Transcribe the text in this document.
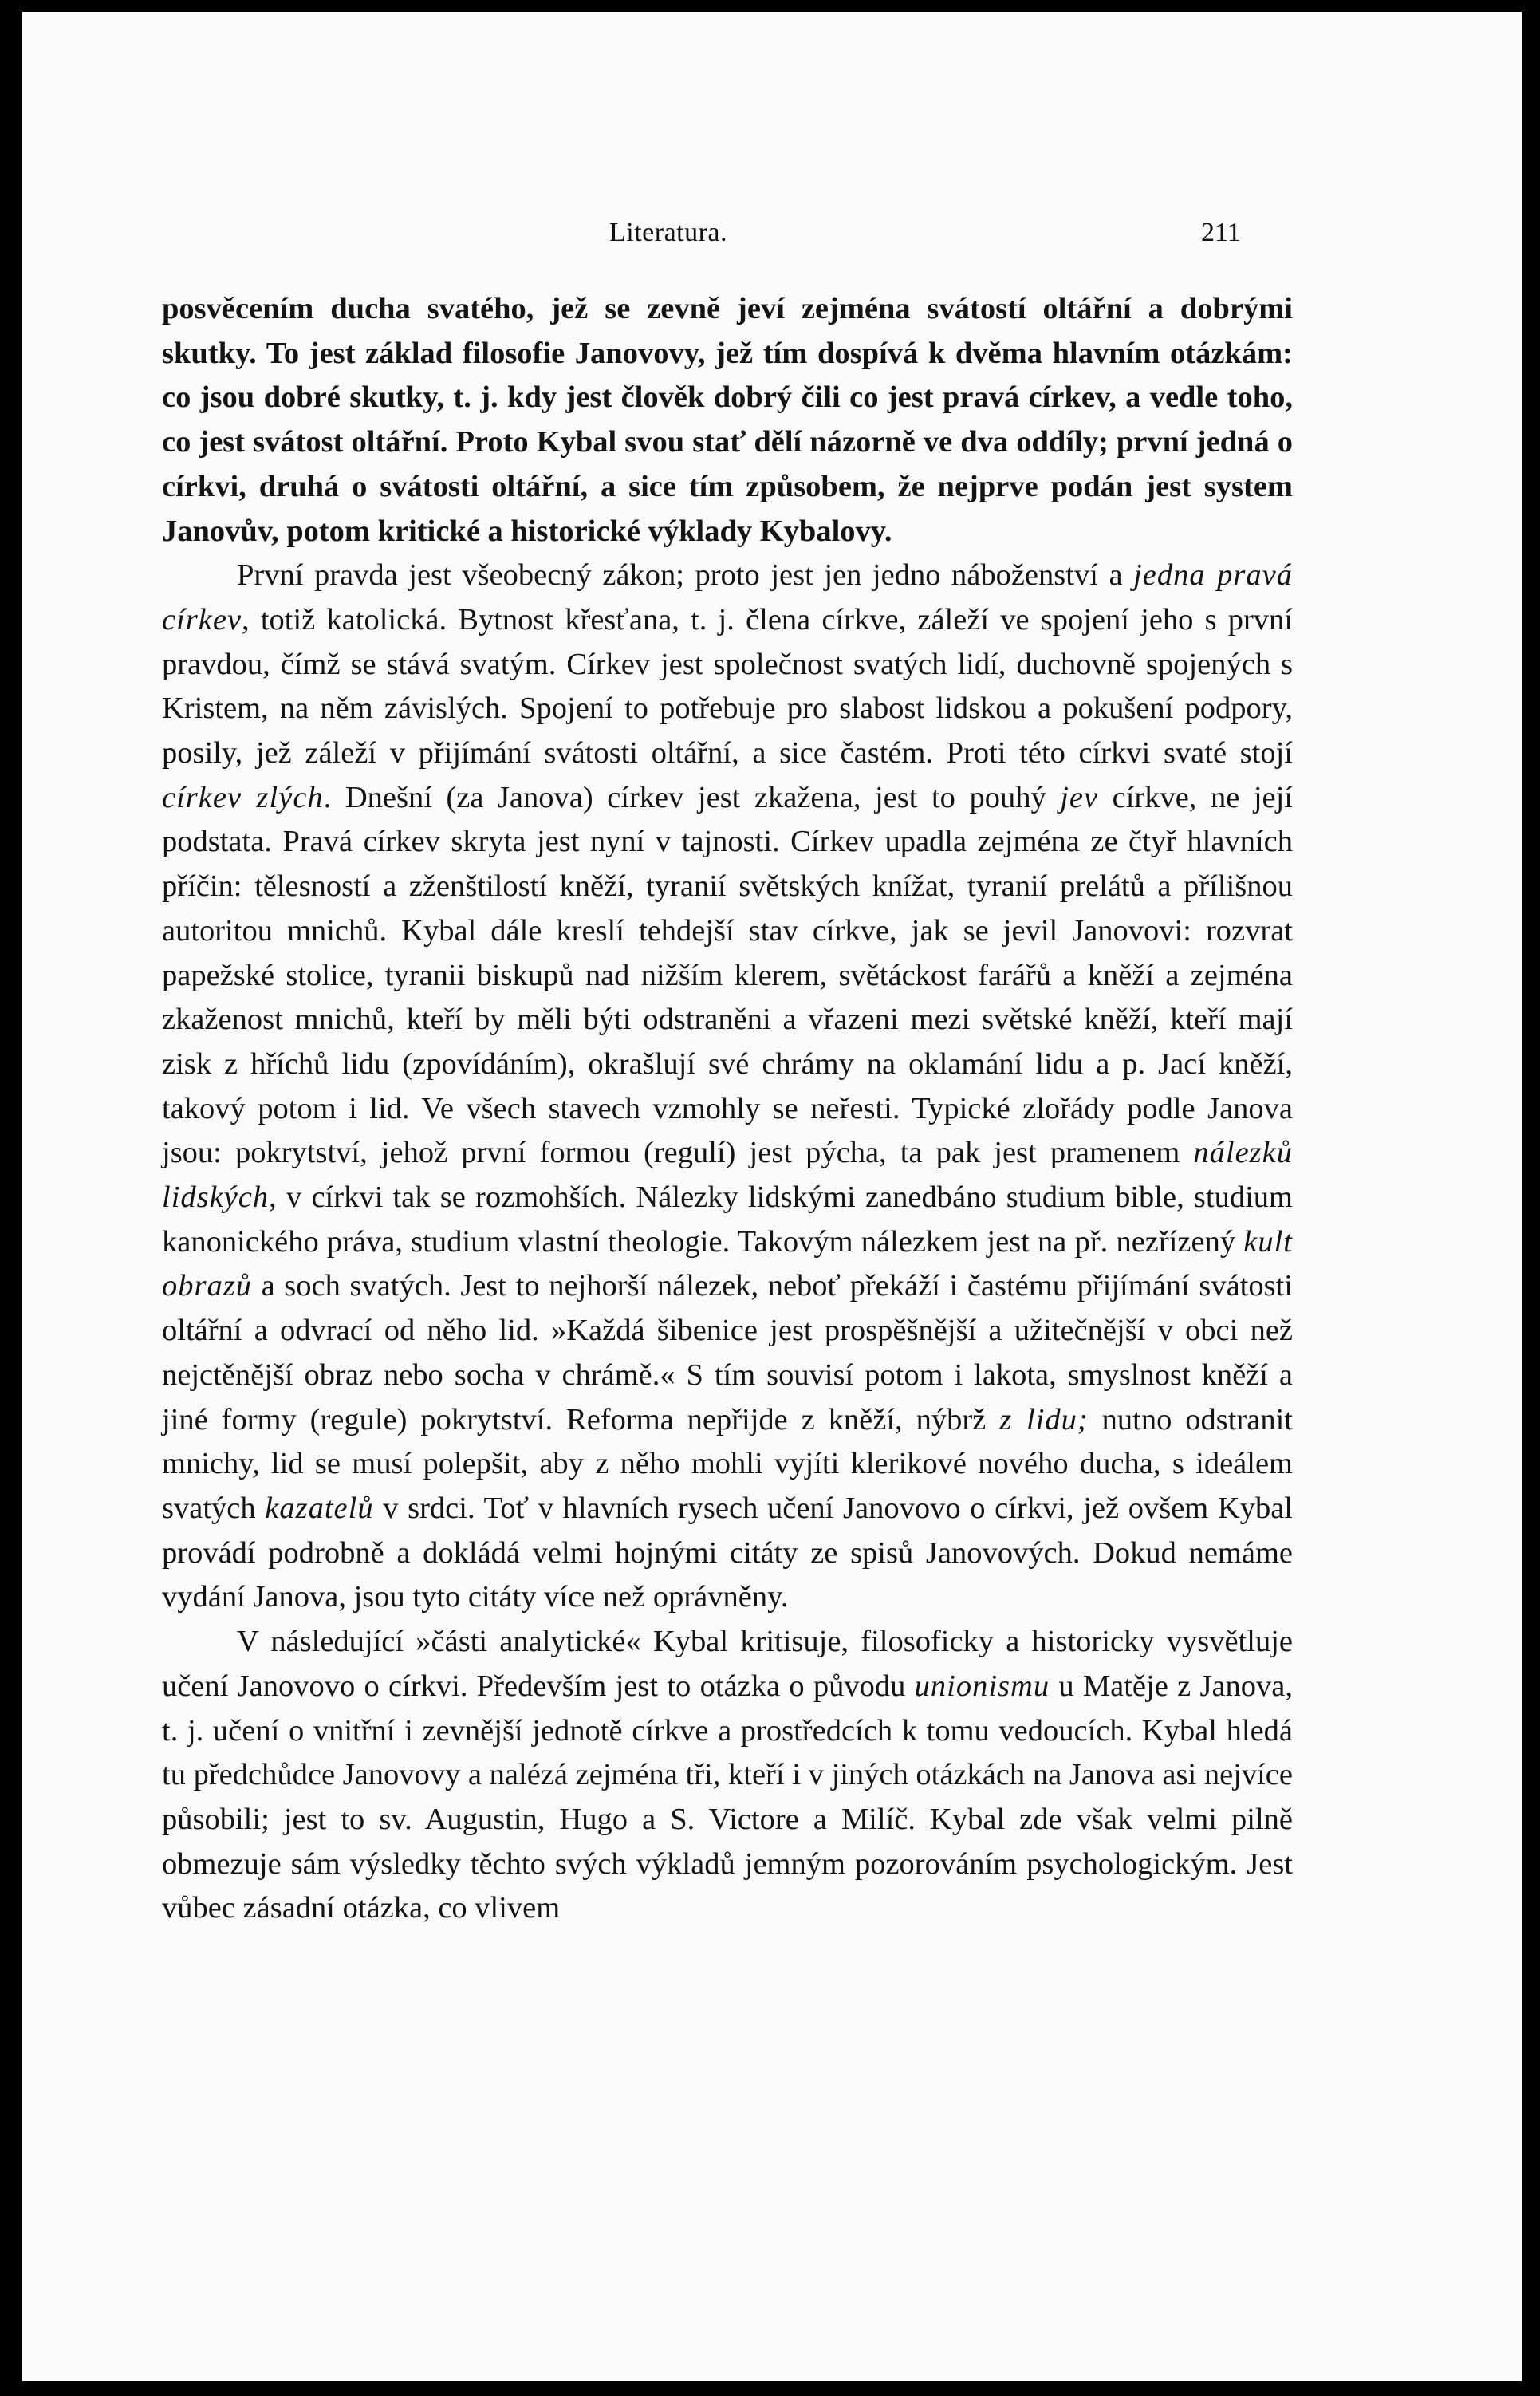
Literatura.	211

posvěcením ducha svatého, jež se zevně jeví zejména svátostí oltářní a dobrými skutky. To jest základ filosofie Janovovy, jež tím dospívá k dvěma hlavním otázkám: co jsou dobré skutky, t. j. kdy jest člověk dobrý čili co jest pravá církev, a vedle toho, co jest svátost oltářní. Proto Kybal svou stať dělí názorně ve dva oddíly; první jedná o církvi, druhá o svátosti oltářní, a sice tím způsobem, že nejprve podán jest system Janovův, potom kritické a historické výklady Kybalovy.

První pravda jest všeobecný zákon; proto jest jen jedno náboženství a jedna pravá církev, totiž katolická. Bytnost křesťana, t. j. člena církve, záleží ve spojení jeho s první pravdou, čímž se stává svatým. Církev jest společnost svatých lidí, duchovně spojených s Kristem, na něm závislých. Spojení to potřebuje pro slabost lidskou a pokušení podpory, posily, jež záleží v přijímání svátosti oltářní, a sice častém. Proti této církvi svaté stojí církev zlých. Dnešní (za Janova) církev jest zkažena, jest to pouhý jev církve, ne její podstata. Pravá církev skryta jest nyní v tajnosti. Církev upadla zejména ze čtyř hlavních příčin: tělesností a zženštilostí kněží, tyranií světských knížat, tyranií prelátů a přílišnou autoritou mnichů. Kybal dále kreslí tehdejší stav církve, jak se jevil Janovovi: rozvrat papežské stolice, tyranii biskupů nad nižším klerem, světáckost farářů a kněží a zejména zkaženost mnichů, kteří by měli býti odstraněni a vřazeni mezi světské kněží, kteří mají zisk z hříchů lidu (zpovídáním), okrašlují své chrámy na oklamání lidu a p. Jací kněží, takový potom i lid. Ve všech stavech vzmohly se neřesti. Typické zlořády podle Janova jsou: pokrytství, jehož první formou (regulí) jest pýcha, ta pak jest pramenem nálezků lidských, v církvi tak se rozmohších. Nálezky lidskými zanedbáno studium bible, studium kanonického práva, studium vlastní theologie. Takovým nálezkem jest na př. nezřízený kult obrazů a soch svatých. Jest to nejhorší nálezek, neboť překáží i častému přijímání svátosti oltářní a odvrací od něho lid. »Každá šibenice jest prospěšnější a užitečnější v obci než nejctěnější obraz nebo socha v chrámě.« S tím souvisí potom i lakota, smyslnost kněží a jiné formy (regule) pokrytství. Reforma nepřijde z kněží, nýbrž z lidu; nutno odstranit mnichy, lid se musí polepšit, aby z něho mohli vyjíti klerikové nového ducha, s ideálem svatých kazatelů v srdci. Toť v hlavních rysech učení Janovovo o církvi, jež ovšem Kybal provádí podrobně a dokládá velmi hojnými citáty ze spisů Janovových. Dokud nemáme vydání Janova, jsou tyto citáty více než oprávněny.

V následující »části analytické« Kybal kritisuje, filosoficky a historicky vysvětluje učení Janovovo o církvi. Především jest to otázka o původu unionismu u Matěje z Janova, t. j. učení o vnitřní i zevnější jednotě církve a prostředcích k tomu vedoucích. Kybal hledá tu předchůdce Janovovy a nalézá zejména tři, kteří i v jiných otázkách na Janova asi nejvíce působili; jest to sv. Augustin, Hugo a S. Victore a Milíč. Kybal zde však velmi pilně obmezuje sám výsledky těchto svých výkladů jemným pozorováním psychologickým. Jest vůbec zásadní otázka, co vlivem
